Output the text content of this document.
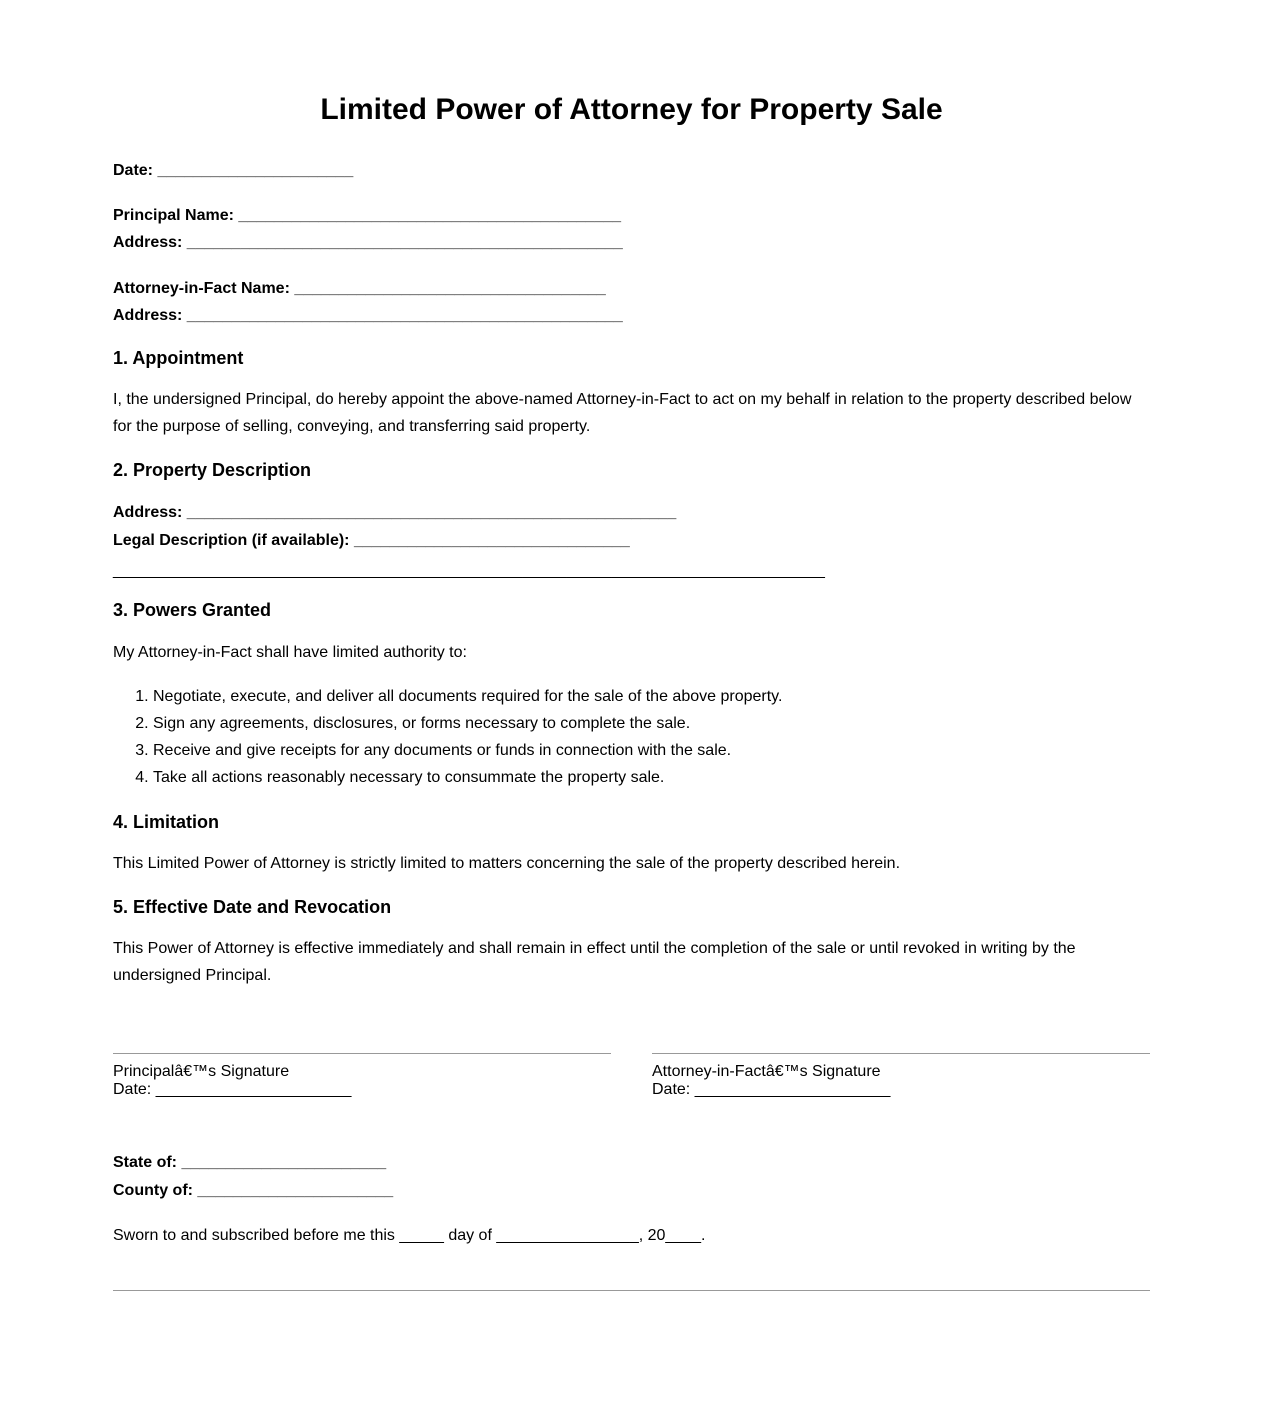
Limited Power of Attorney for Property Sale
Date: ______________________
Principal Name: ___________________________________________
Address: _________________________________________________
Attorney-in-Fact Name: ___________________________________
Address: _________________________________________________
1. Appointment
I, the undersigned Principal, do hereby appoint the above-named Attorney-in-Fact to act on my behalf in relation to the property described below for the purpose of selling, conveying, and transferring said property.
2. Property Description
Address: _______________________________________________________
Legal Description (if available): _______________________________
________________________________________________________________________________
3. Powers Granted
My Attorney-in-Fact shall have limited authority to:
1. Negotiate, execute, and deliver all documents required for the sale of the above property.
2. Sign any agreements, disclosures, or forms necessary to complete the sale.
3. Receive and give receipts for any documents or funds in connection with the sale.
4. Take all actions reasonably necessary to consummate the property sale.
4. Limitation
This Limited Power of Attorney is strictly limited to matters concerning the sale of the property described herein.
5. Effective Date and Revocation
This Power of Attorney is effective immediately and shall remain in effect until the completion of the sale or until revoked in writing by the undersigned Principal.
Principalâ€™s Signature
Date: ______________________
Attorney-in-Factâ€™s Signature
Date: ______________________
State of: _______________________
County of: ______________________
Sworn to and subscribed before me this _____ day of ________________, 20____.
